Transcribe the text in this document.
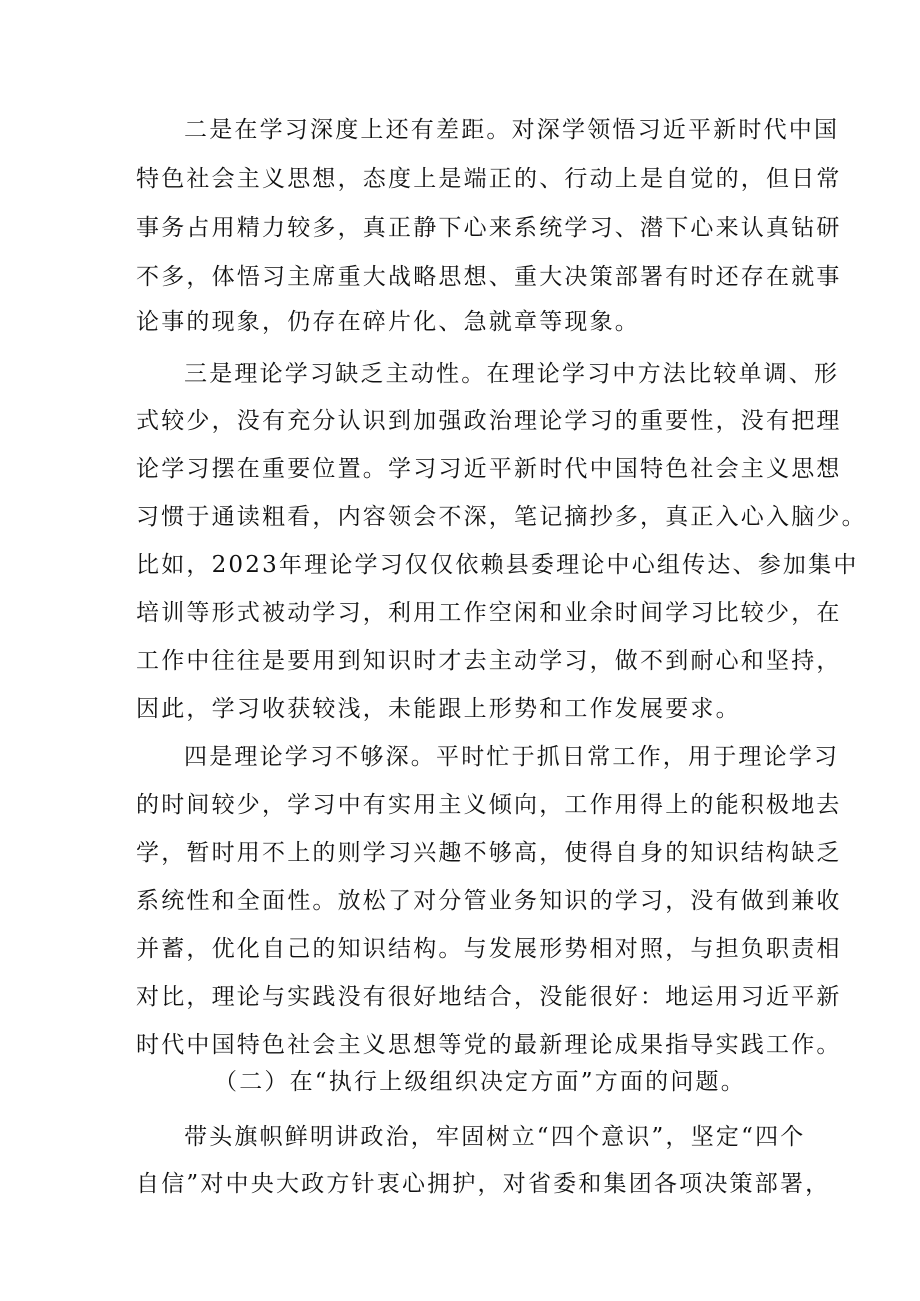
二是在学习深度上还有差距。对深学领悟习近平新时代中国
特色社会主义思想，态度上是端正的、行动上是自觉的，但日常
事务占用精力较多，真正静下心来系统学习、潜下心来认真钻研
不多，体悟习主席重大战略思想、重大决策部署有时还存在就事
论事的现象，仍存在碎片化、急就章等现象。
三是理论学习缺乏主动性。在理论学习中方法比较单调、形
式较少，没有充分认识到加强政治理论学习的重要性，没有把理
论学习摆在重要位置。学习习近平新时代中国特色社会主义思想
习惯于通读粗看，内容领会不深，笔记摘抄多，真正入心入脑少。
比如，2023年理论学习仅仅依赖县委理论中心组传达、参加集中
培训等形式被动学习，利用工作空闲和业余时间学习比较少，在
工作中往往是要用到知识时才去主动学习，做不到耐心和坚持，
因此，学习收获较浅，未能跟上形势和工作发展要求。
四是理论学习不够深。平时忙于抓日常工作，用于理论学习
的时间较少，学习中有实用主义倾向，工作用得上的能积极地去
学，暂时用不上的则学习兴趣不够高，使得自身的知识结构缺乏
系统性和全面性。放松了对分管业务知识的学习，没有做到兼收
并蓄，优化自己的知识结构。与发展形势相对照，与担负职责相
对比，理论与实践没有很好地结合，没能很好：地运用习近平新
时代中国特色社会主义思想等党的最新理论成果指导实践工作。
（二）在“执行上级组织决定方面”方面的问题。
带头旗帜鲜明讲政治，牢固树立“四个意识”，坚定“四个
自信”对中央大政方针衷心拥护，对省委和集团各项决策部署，
